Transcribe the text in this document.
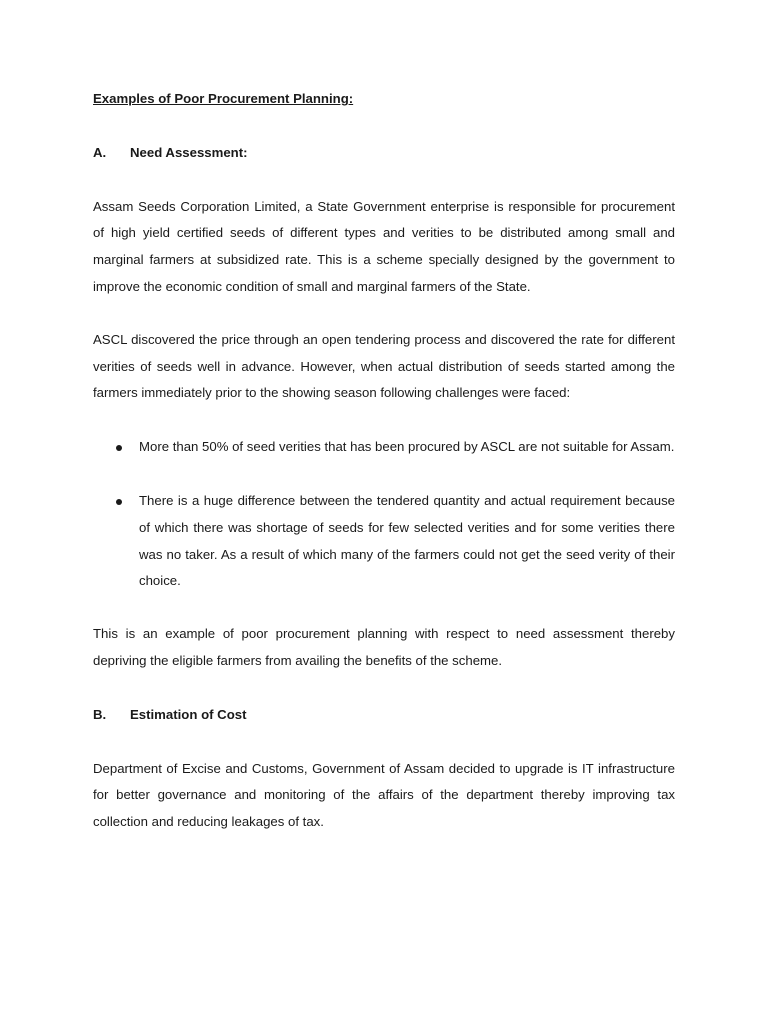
Examples of Poor Procurement Planning:

A.	Need Assessment:

Assam Seeds Corporation Limited, a State Government enterprise is responsible for procurement of high yield certified seeds of different types and verities to be distributed among small and marginal farmers at subsidized rate. This is a scheme specially designed by the government to improve the economic condition of small and marginal farmers of the State.

ASCL discovered the price through an open tendering process and discovered the rate for different verities of seeds well in advance. However, when actual distribution of seeds started among the farmers immediately prior to the showing season following challenges were faced:

More than 50% of seed verities that has been procured by ASCL are not suitable for Assam.
There is a huge difference between the tendered quantity and actual requirement because of which there was shortage of seeds for few selected verities and for some verities there was no taker. As a result of which many of the farmers could not get the seed verity of their choice.

This is an example of poor procurement planning with respect to need assessment thereby depriving the eligible farmers from availing the benefits of the scheme.

B.	Estimation of Cost

Department of Excise and Customs, Government of Assam decided to upgrade is IT infrastructure for better governance and monitoring of the affairs of the department thereby improving tax collection and reducing leakages of tax.
